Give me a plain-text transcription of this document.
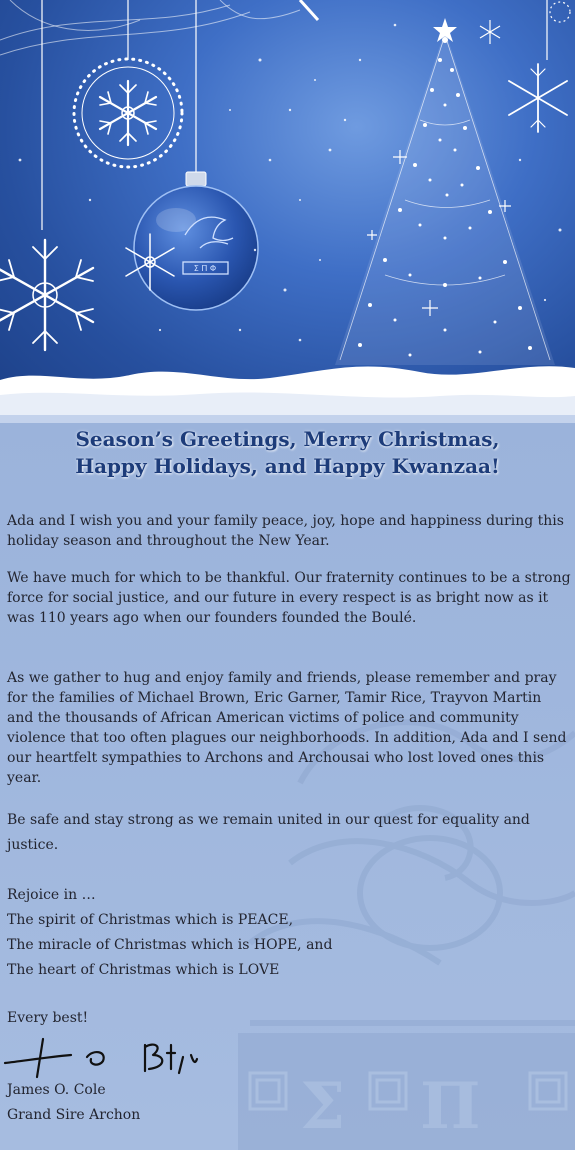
Σ Π Φ
Σ Π
Season’s Greetings, Merry Christmas,
Happy Holidays, and Happy Kwanzaa!

Ada and I wish you and your family peace, joy, hope and happiness during this holiday season and throughout the New Year.

We have much for which to be thankful. Our fraternity continues to be a strong force for social justice, and our future in every respect is as bright now as it was 110 years ago when our founders founded the Boulé.

As we gather to hug and enjoy family and friends, please remember and pray for the families of Michael Brown, Eric Garner, Tamir Rice, Trayvon Martin and the thousands of African American victims of police and community violence that too often plagues our neighborhoods. In addition, Ada and I send our heartfelt sympathies to Archons and Archousai who lost loved ones this year.

Be safe and stay strong as we remain united in our quest for equality and justice.

Rejoice in …
The spirit of Christmas which is PEACE,
The miracle of Christmas which is HOPE, and
The heart of Christmas which is LOVE
Every best!
James O. Cole
Grand Sire Archon
